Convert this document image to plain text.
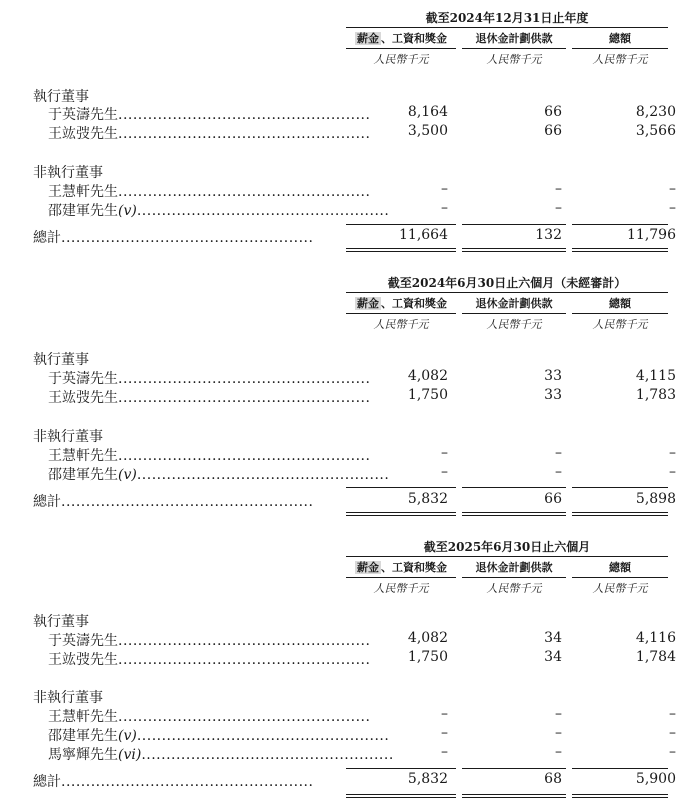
截至2024年12月31日止年度
薪金 、工資和獎金	退休金計劃供款	總額
人民幣千元	人民幣千元	人民幣千元
執行董事
于英濤先生...................................................	8,164	66	8,230
王竑弢先生...................................................	3,500	66	3,566
非執行董事
王慧軒先生...................................................	–	–	–
邵建軍先生(v)...................................................	–	–	–
總計...................................................	11,664	132	11,796
截至2024年6月30日止六個月（未經審計）
薪金 、工資和獎金	退休金計劃供款	總額
人民幣千元	人民幣千元	人民幣千元
執行董事
于英濤先生...................................................	4,082	33	4,115
王竑弢先生...................................................	1,750	33	1,783
非執行董事
王慧軒先生...................................................	–	–	–
邵建軍先生(v)...................................................	–	–	–
總計...................................................	5,832	66	5,898
截至2025年6月30日止六個月
薪金 、工資和獎金	退休金計劃供款	總額
人民幣千元	人民幣千元	人民幣千元
執行董事
于英濤先生...................................................	4,082	34	4,116
王竑弢先生...................................................	1,750	34	1,784
非執行董事
王慧軒先生...................................................	–	–	–
邵建軍先生(v)...................................................	–	–	–
馬寧輝先生(vi)...................................................	–	–	–
總計...................................................	5,832	68	5,900
